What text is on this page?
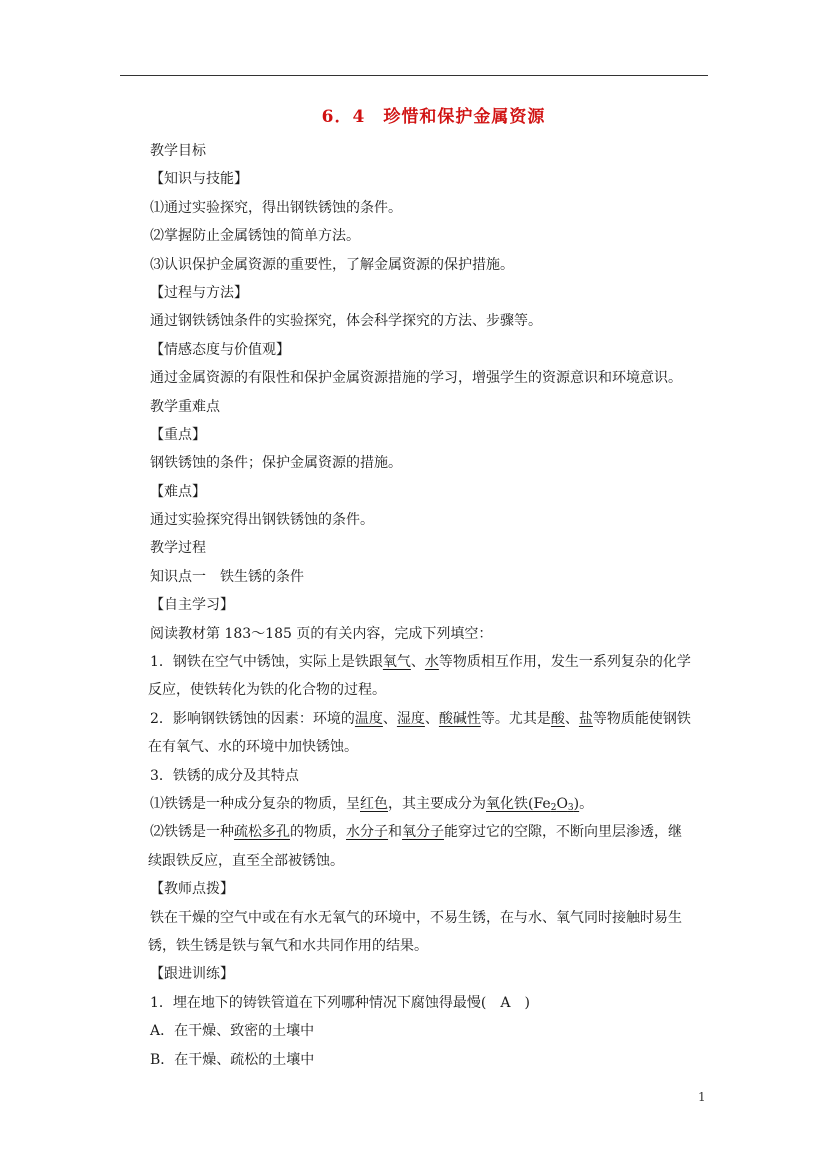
6．4　珍惜和保护金属资源
教学目标
【知识与技能】
⑴通过实验探究，得出钢铁锈蚀的条件。
⑵掌握防止金属锈蚀的简单方法。
⑶认识保护金属资源的重要性，了解金属资源的保护措施。
【过程与方法】
通过钢铁锈蚀条件的实验探究，体会科学探究的方法、步骤等。
【情感态度与价值观】
通过金属资源的有限性和保护金属资源措施的学习，增强学生的资源意识和环境意识。
教学重难点
【重点】
钢铁锈蚀的条件；保护金属资源的措施。
【难点】
通过实验探究得出钢铁锈蚀的条件。
教学过程
知识点一　铁生锈的条件
【自主学习】
阅读教材第 183～185 页的有关内容，完成下列填空：
1．钢铁在空气中锈蚀，实际上是铁跟氧气、水等物质相互作用，发生一系列复杂的化学
反应，使铁转化为铁的化合物的过程。
2．影响钢铁锈蚀的因素：环境的温度、湿度、酸碱性等。尤其是酸、盐等物质能使钢铁
在有氧气、水的环境中加快锈蚀。
3．铁锈的成分及其特点
⑴铁锈是一种成分复杂的物质，呈红色，其主要成分为氧化铁$(Fe_2O_3)$。
⑵铁锈是一种疏松多孔的物质，水分子和氧分子能穿过它的空隙，不断向里层渗透，继
续跟铁反应，直至全部被锈蚀。
【教师点拨】
铁在干燥的空气中或在有水无氧气的环境中，不易生锈，在与水、氧气同时接触时易生
锈，铁生锈是铁与氧气和水共同作用的结果。
【跟进训练】
1．埋在地下的铸铁管道在下列哪种情况下腐蚀得最慢(　A　)
A．在干燥、致密的土壤中
B．在干燥、疏松的土壤中
1
